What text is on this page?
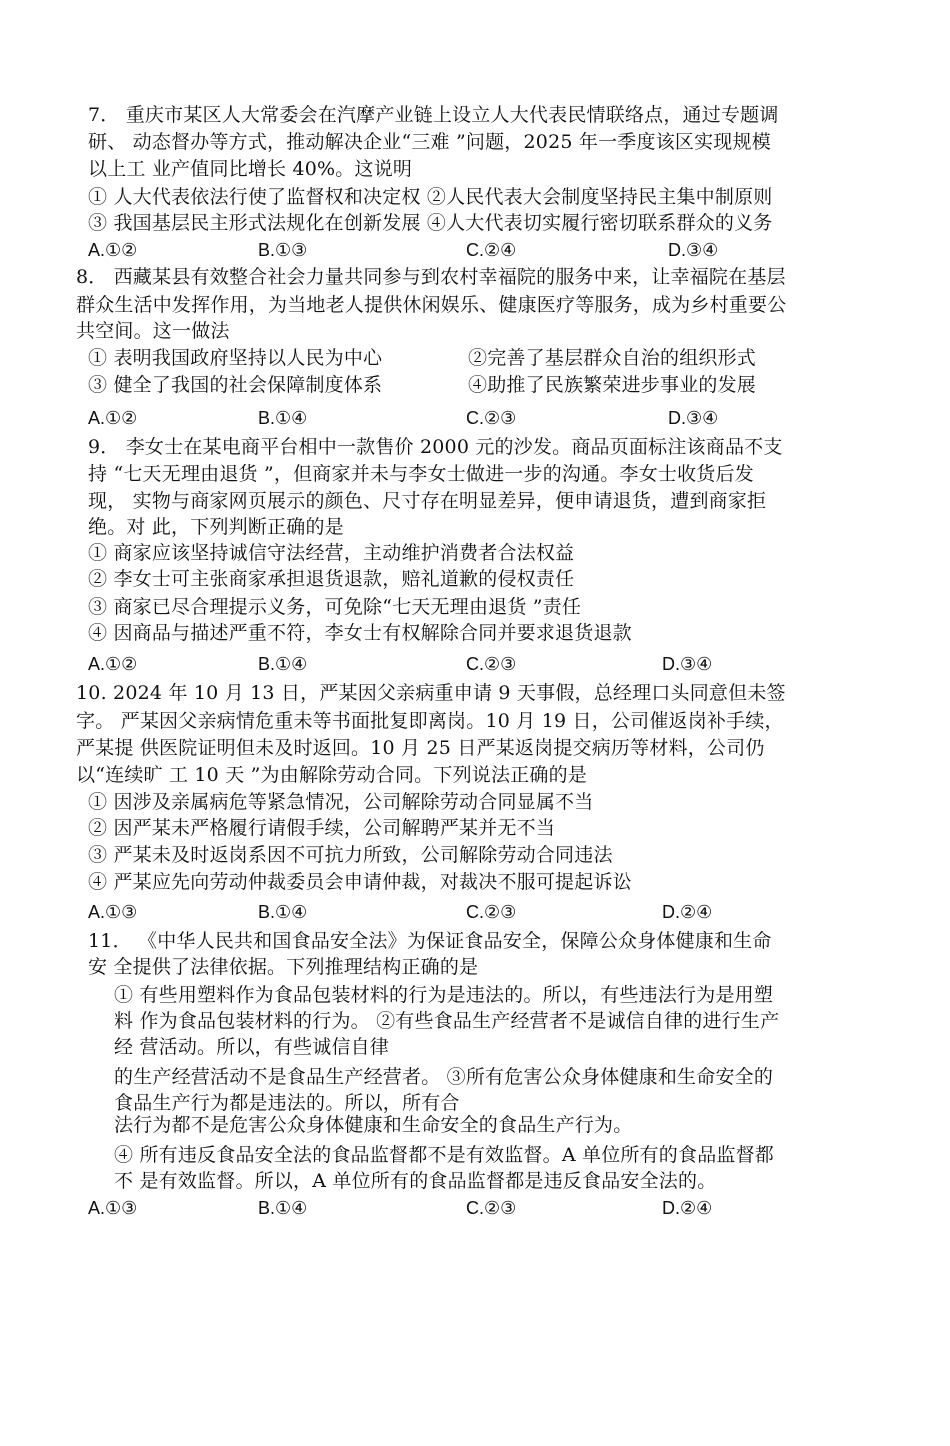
7． 重庆市某区人大常委会在汽摩产业链上设立人大代表民情联络点，通过专题调
研、 动态督办等方式，推动解决企业“三难 ”问题，2025 年一季度该区实现规模
以上工 业产值同比增长 40%。这说明
① 人大代表依法行使了监督权和决定权 ②人民代表大会制度坚持民主集中制原则
③ 我国基层民主形式法规化在创新发展 ④人大代表切实履行密切联系群众的义务
A.①②	B.①③	C.②④	D.③④
8． 西藏某县有效整合社会力量共同参与到农村幸福院的服务中来，让幸福院在基层
群众生活中发挥作用，为当地老人提供休闲娱乐、健康医疗等服务，成为乡村重要公
共空间。这一做法
① 表明我国政府坚持以人民为中心	②完善了基层群众自治的组织形式
③ 健全了我国的社会保障制度体系	④助推了民族繁荣进步事业的发展
A.①②	B.①④	C.②③	D.③④
9． 李女士在某电商平台相中一款售价 2000 元的沙发。商品页面标注该商品不支
持 “七天无理由退货 ”，但商家并未与李女士做进一步的沟通。李女士收货后发
现， 实物与商家网页展示的颜色、尺寸存在明显差异，便申请退货，遭到商家拒
绝。对 此，下列判断正确的是
① 商家应该坚持诚信守法经营，主动维护消费者合法权益
② 李女士可主张商家承担退货退款，赔礼道歉的侵权责任
③ 商家已尽合理提示义务，可免除“七天无理由退货 ”责任
④ 因商品与描述严重不符，李女士有权解除合同并要求退货退款
A.①②	B.①④	C.②③	D.③④
10. 2024 年 10 月 13 日，严某因父亲病重申请 9 天事假，总经理口头同意但未签
字。 严某因父亲病情危重未等书面批复即离岗。10 月 19 日，公司催返岗补手续，
严某提 供医院证明但未及时返回。10 月 25 日严某返岗提交病历等材料，公司仍
以“连续旷 工 10 天 ”为由解除劳动合同。下列说法正确的是
① 因涉及亲属病危等紧急情况，公司解除劳动合同显属不当
② 因严某未严格履行请假手续，公司解聘严某并无不当
③ 严某未及时返岗系因不可抗力所致，公司解除劳动合同违法
④ 严某应先向劳动仲裁委员会申请仲裁，对裁决不服可提起诉讼
A.①③	B.①④	C.②③	D.②④
11． 《中华人民共和国食品安全法》为保证食品安全，保障公众身体健康和生命
安 全提供了法律依据。下列推理结构正确的是
① 有些用塑料作为食品包装材料的行为是违法的。所以，有些违法行为是用塑
料 作为食品包装材料的行为。 ②有些食品生产经营者不是诚信自律的进行生产
经 营活动。所以，有些诚信自律
的生产经营活动不是食品生产经营者。 ③所有危害公众身体健康和生命安全的
食品生产行为都是违法的。所以，所有合
法行为都不是危害公众身体健康和生命安全的食品生产行为。
④ 所有违反食品安全法的食品监督都不是有效监督。A 单位所有的食品监督都
不 是有效监督。所以，A 单位所有的食品监督都是违反食品安全法的。
A.①③	B.①④	C.②③	D.②④
